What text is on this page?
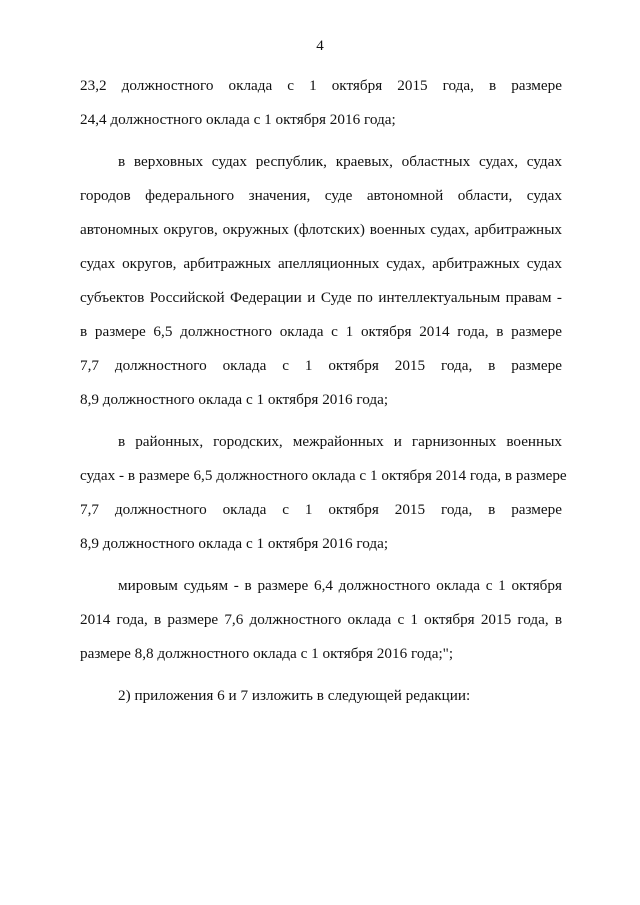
4
23,2 должностного оклада с 1 октября 2015 года, в размере
24,4 должностного оклада с 1 октября 2016 года;
в верховных судах республик, краевых, областных судах, судах
городов федерального значения, суде автономной области, судах
автономных округов, окружных (флотских) военных судах, арбитражных
судах округов, арбитражных апелляционных судах, арбитражных судах
субъектов Российской Федерации и Суде по интеллектуальным правам -
в размере 6,5 должностного оклада с 1 октября 2014 года, в размере
7,7 должностного оклада с 1 октября 2015 года, в размере
8,9 должностного оклада с 1 октября 2016 года;
в районных, городских, межрайонных и гарнизонных военных
судах - в размере 6,5 должностного оклада с 1 октября 2014 года, в размере
7,7 должностного оклада с 1 октября 2015 года, в размере
8,9 должностного оклада с 1 октября 2016 года;
мировым судьям - в размере 6,4 должностного оклада с 1 октября
2014 года, в размере 7,6 должностного оклада с 1 октября 2015 года, в
размере 8,8 должностного оклада с 1 октября 2016 года;";
2) приложения 6 и 7 изложить в следующей редакции:
